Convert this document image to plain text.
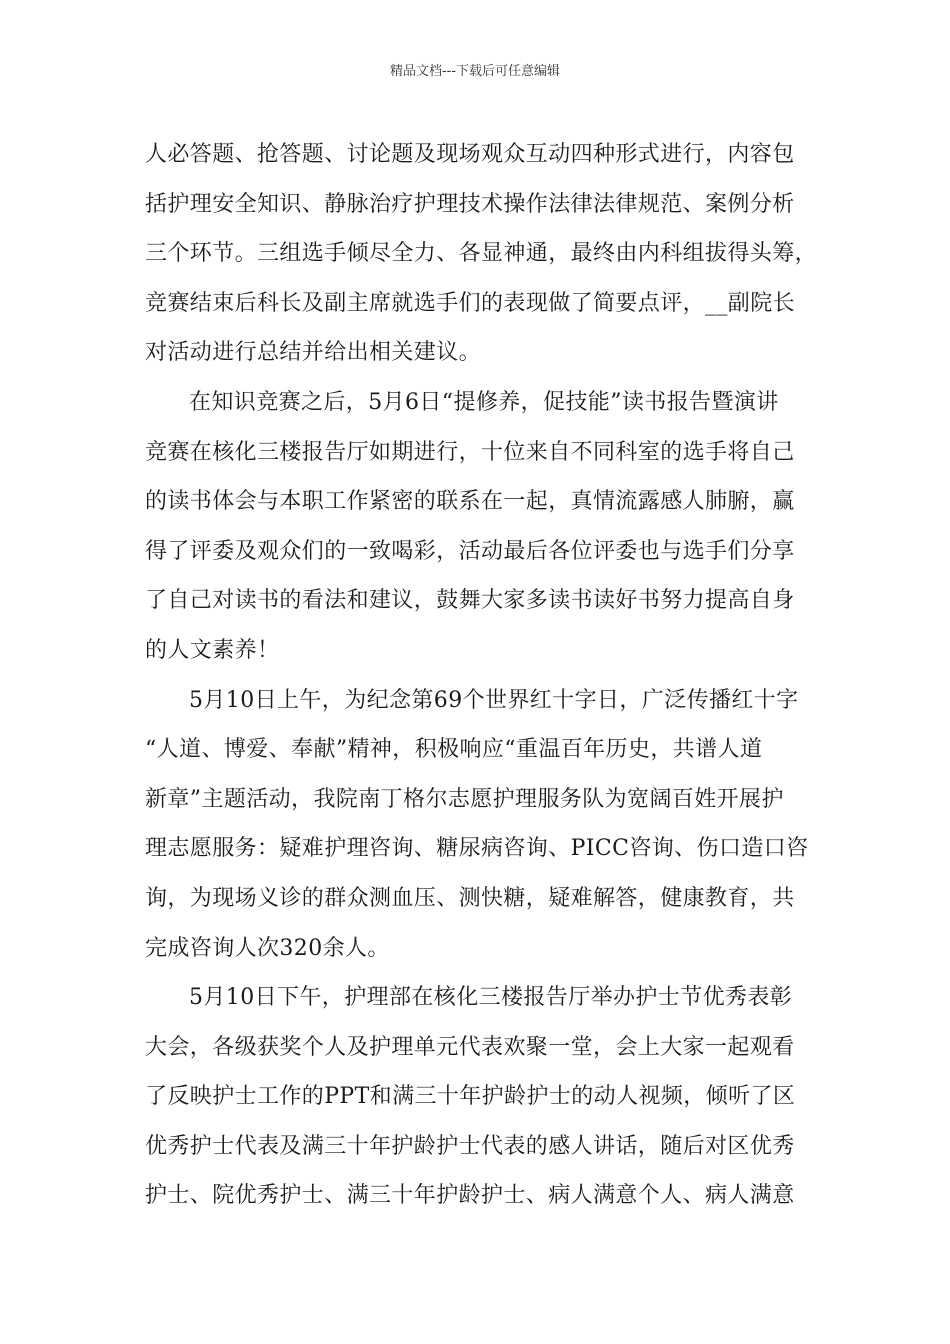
精品文档---下载后可任意编辑
人必答题、抢答题、讨论题及现场观众互动四种形式进行，内容包
括护理安全知识、静脉治疗护理技术操作法律法律规范、案例分析
三个环节。三组选手倾尽全力、各显神通，最终由内科组拔得头筹，
竞赛结束后科长及副主席就选手们的表现做了简要点评，__副院长
对活动进行总结并给出相关建议。
在知识竞赛之后，5月6日“提修养，促技能”读书报告暨演讲
竞赛在核化三楼报告厅如期进行，十位来自不同科室的选手将自己
的读书体会与本职工作紧密的联系在一起，真情流露感人肺腑，赢
得了评委及观众们的一致喝彩，活动最后各位评委也与选手们分享
了自己对读书的看法和建议，鼓舞大家多读书读好书努力提高自身
的人文素养！
5月10日上午，为纪念第69个世界红十字日，广泛传播红十字
“人道、博爱、奉献”精神，积极响应“重温百年历史，共谱人道
新章”主题活动，我院南丁格尔志愿护理服务队为宽阔百姓开展护
理志愿服务：疑难护理咨询、糖尿病咨询、PICC咨询、伤口造口咨
询，为现场义诊的群众测血压、测快糖，疑难解答，健康教育，共
完成咨询人次320余人。
5月10日下午，护理部在核化三楼报告厅举办护士节优秀表彰
大会，各级获奖个人及护理单元代表欢聚一堂，会上大家一起观看
了反映护士工作的PPT和满三十年护龄护士的动人视频，倾听了区
优秀护士代表及满三十年护龄护士代表的感人讲话，随后对区优秀
护士、院优秀护士、满三十年护龄护士、病人满意个人、病人满意
